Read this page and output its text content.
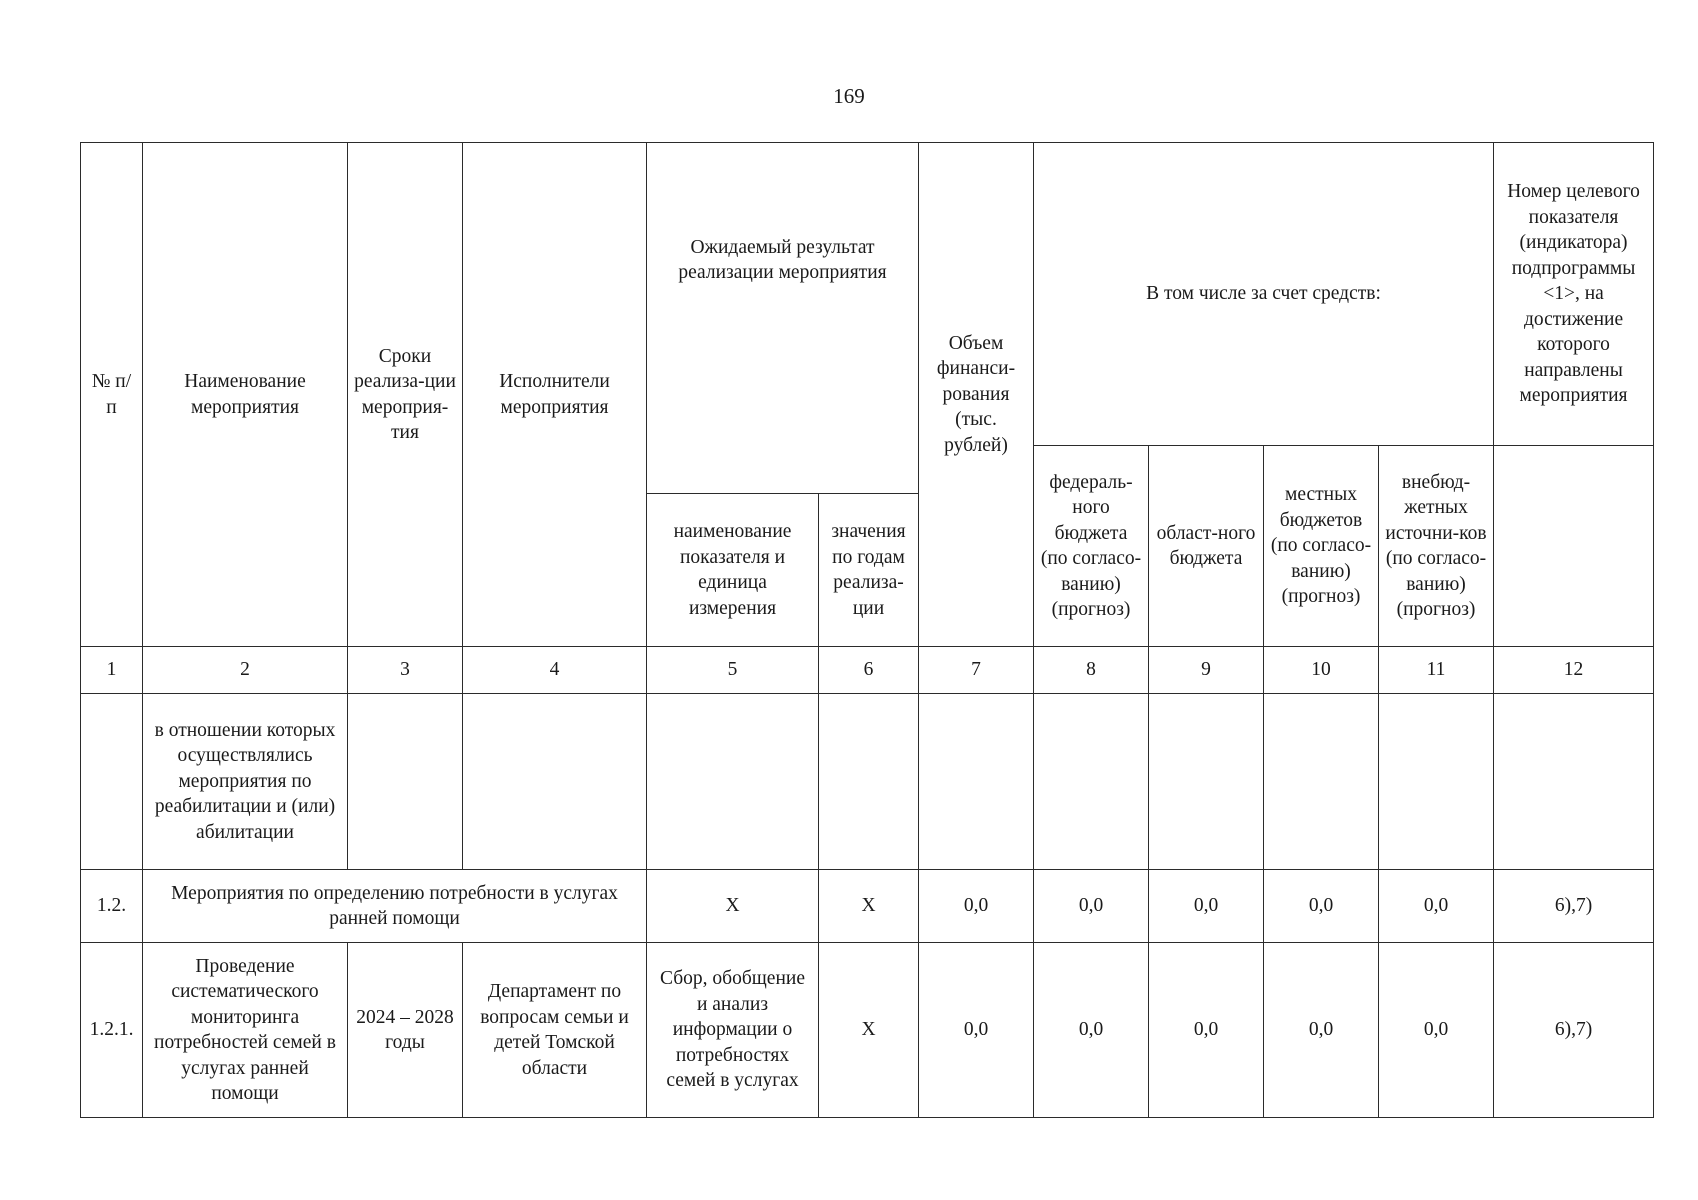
169
№ п/п	Наименование мероприятия	Сроки реализа-ции мероприя-тия	Исполнители мероприятия	Ожидаемый результат реализации мероприятия		Объем финанси-рования (тыс. рублей)	В том числе за счет средств:				Номер целевого показателя (индикатора) подпрограммы <1>, на достижение которого направлены мероприятия
							федераль-ного бюджета (по согласо-ванию) (прогноз)	област-ного бюджета	местных бюджетов (по согласо-ванию) (прогноз)	внебюд-жетных источни-ков (по согласо-ванию) (прогноз)	
				наименование показателя и единица измерения	значения по годам реализа-ции						
1	2	3	4	5	6	7	8	9	10	11	12
	в отношении которых осуществлялись мероприятия по реабилитации и (или) абилитации										
1.2.	Мероприятия по определению потребности в услугах ранней помощи			Х	Х	0,0	0,0	0,0	0,0	0,0	6),7)
1.2.1.	Проведение систематического мониторинга потребностей семей в услугах ранней помощи	2024 – 2028 годы	Департамент по вопросам семьи и детей Томской области	Сбор, обобщение и анализ информации о потребностях семей в услугах	Х	0,0	0,0	0,0	0,0	0,0	6),7)
